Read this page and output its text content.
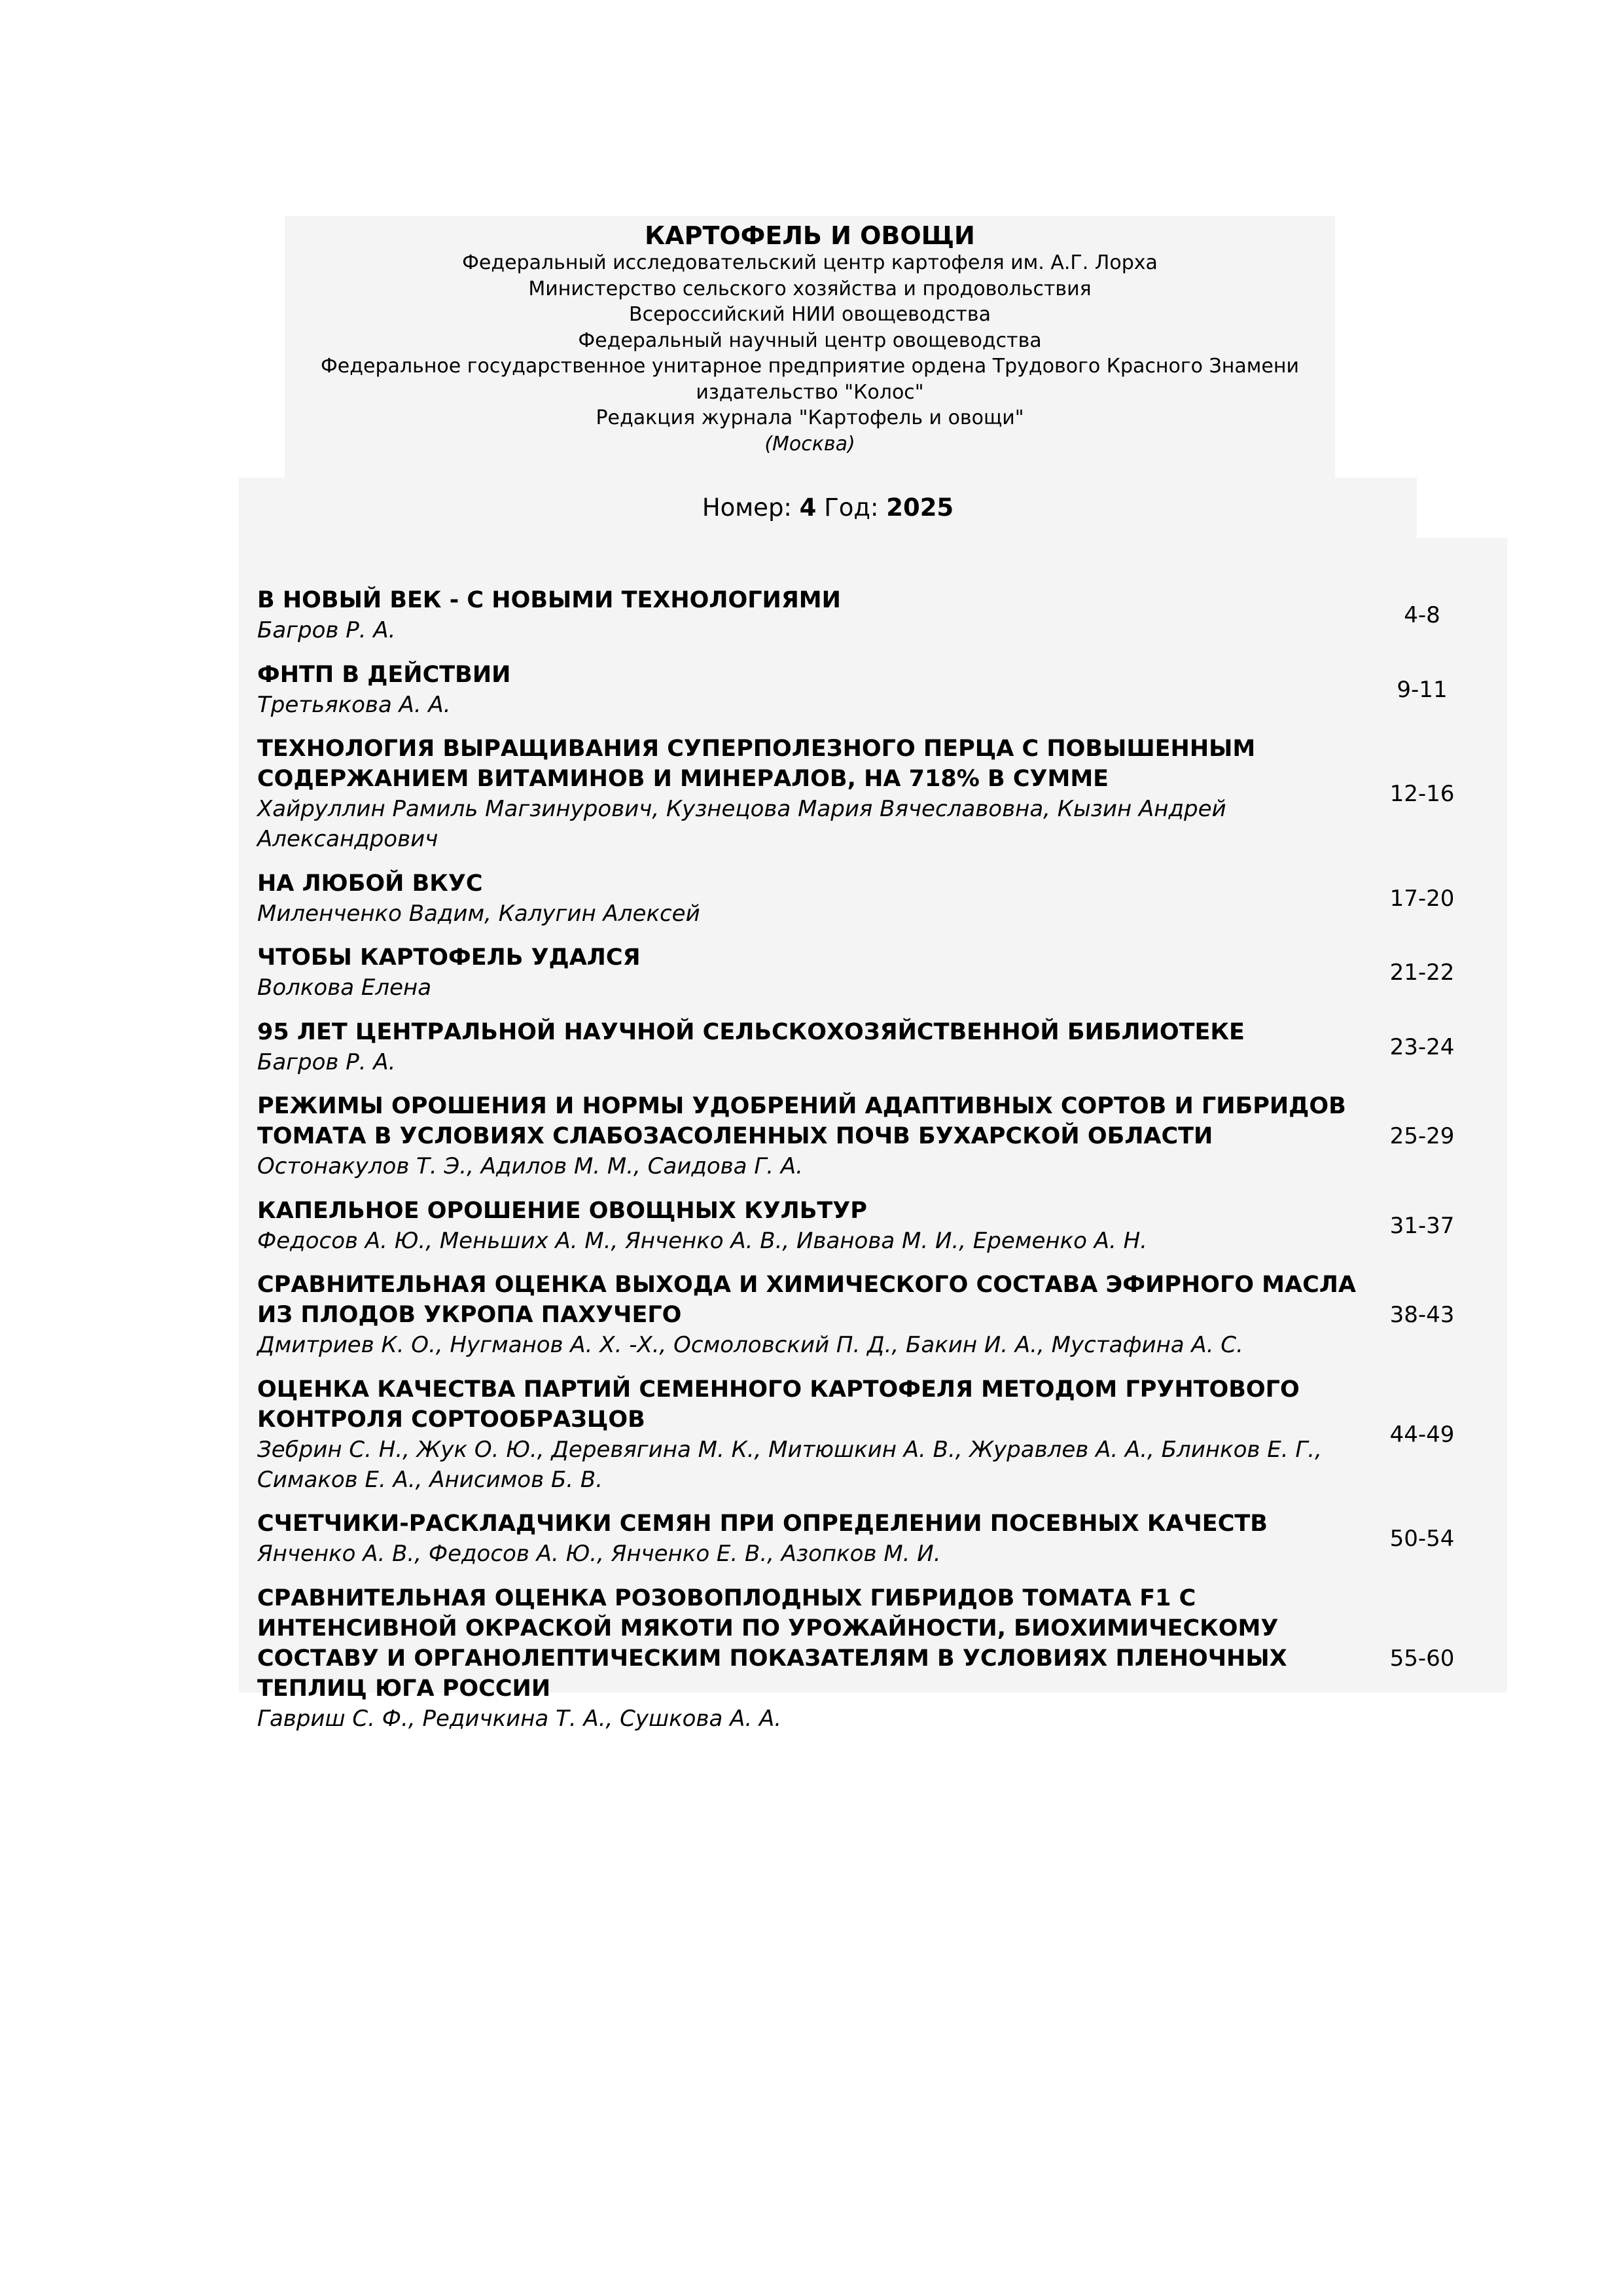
КАРТОФЕЛЬ И ОВОЩИ
Федеральный исследовательский центр картофеля им. А.Г. Лорха
Министерство сельского хозяйства и продовольствия
Всероссийский НИИ овощеводства
Федеральный научный центр овощеводства
Федеральное государственное унитарное предприятие ордена Трудового Красного Знамени
издательство "Колос"
Редакция журнала "Картофель и овощи"
(Москва)
Номер: 4 Год: 2025
В НОВЫЙ ВЕК - С НОВЫМИ ТЕХНОЛОГИЯМИ
Багров Р. А.
4-8
ФНТП В ДЕЙСТВИИ
Третьякова А. А.
9-11
ТЕХНОЛОГИЯ ВЫРАЩИВАНИЯ СУПЕРПОЛЕЗНОГО ПЕРЦА С ПОВЫШЕННЫМ СОДЕРЖАНИЕМ ВИТАМИНОВ И МИНЕРАЛОВ, НА 718% В СУММЕ
Хайруллин Рамиль Магзинурович, Кузнецова Мария Вячеславовна, Кызин Андрей Александрович
12-16
НА ЛЮБОЙ ВКУС
Миленченко Вадим, Калугин Алексей
17-20
ЧТОБЫ КАРТОФЕЛЬ УДАЛСЯ
Волкова Елена
21-22
95 ЛЕТ ЦЕНТРАЛЬНОЙ НАУЧНОЙ СЕЛЬСКОХОЗЯЙСТВЕННОЙ БИБЛИОТЕКЕ
Багров Р. А.
23-24
РЕЖИМЫ ОРОШЕНИЯ И НОРМЫ УДОБРЕНИЙ АДАПТИВНЫХ СОРТОВ И ГИБРИДОВ ТОМАТА В УСЛОВИЯХ СЛАБОЗАСОЛЕННЫХ ПОЧВ БУХАРСКОЙ ОБЛАСТИ
Остонакулов Т. Э., Адилов М. М., Саидова Г. А.
25-29
КАПЕЛЬНОЕ ОРОШЕНИЕ ОВОЩНЫХ КУЛЬТУР
Федосов А. Ю., Меньших А. М., Янченко А. В., Иванова М. И., Еременко А. Н.
31-37
СРАВНИТЕЛЬНАЯ ОЦЕНКА ВЫХОДА И ХИМИЧЕСКОГО СОСТАВА ЭФИРНОГО МАСЛА ИЗ ПЛОДОВ УКРОПА ПАХУЧЕГО
Дмитриев К. О., Нугманов А. Х. -Х., Осмоловский П. Д., Бакин И. А., Мустафина А. С.
38-43
ОЦЕНКА КАЧЕСТВА ПАРТИЙ СЕМЕННОГО КАРТОФЕЛЯ МЕТОДОМ ГРУНТОВОГО КОНТРОЛЯ СОРТООБРАЗЦОВ
Зебрин С. Н., Жук О. Ю., Деревягина М. К., Митюшкин А. В., Журавлев А. А., Блинков Е. Г., Симаков Е. А., Анисимов Б. В.
44-49
СЧЕТЧИКИ-РАСКЛАДЧИКИ СЕМЯН ПРИ ОПРЕДЕЛЕНИИ ПОСЕВНЫХ КАЧЕСТВ
Янченко А. В., Федосов А. Ю., Янченко Е. В., Азопков М. И.
50-54
СРАВНИТЕЛЬНАЯ ОЦЕНКА РОЗОВОПЛОДНЫХ ГИБРИДОВ ТОМАТА F1 С ИНТЕНСИВНОЙ ОКРАСКОЙ МЯКОТИ ПО УРОЖАЙНОСТИ, БИОХИМИЧЕСКОМУ СОСТАВУ И ОРГАНОЛЕПТИЧЕСКИМ ПОКАЗАТЕЛЯМ В УСЛОВИЯХ ПЛЕНОЧНЫХ ТЕПЛИЦ ЮГА РОССИИ
Гавриш С. Ф., Редичкина Т. А., Сушкова А. А.
55-60
